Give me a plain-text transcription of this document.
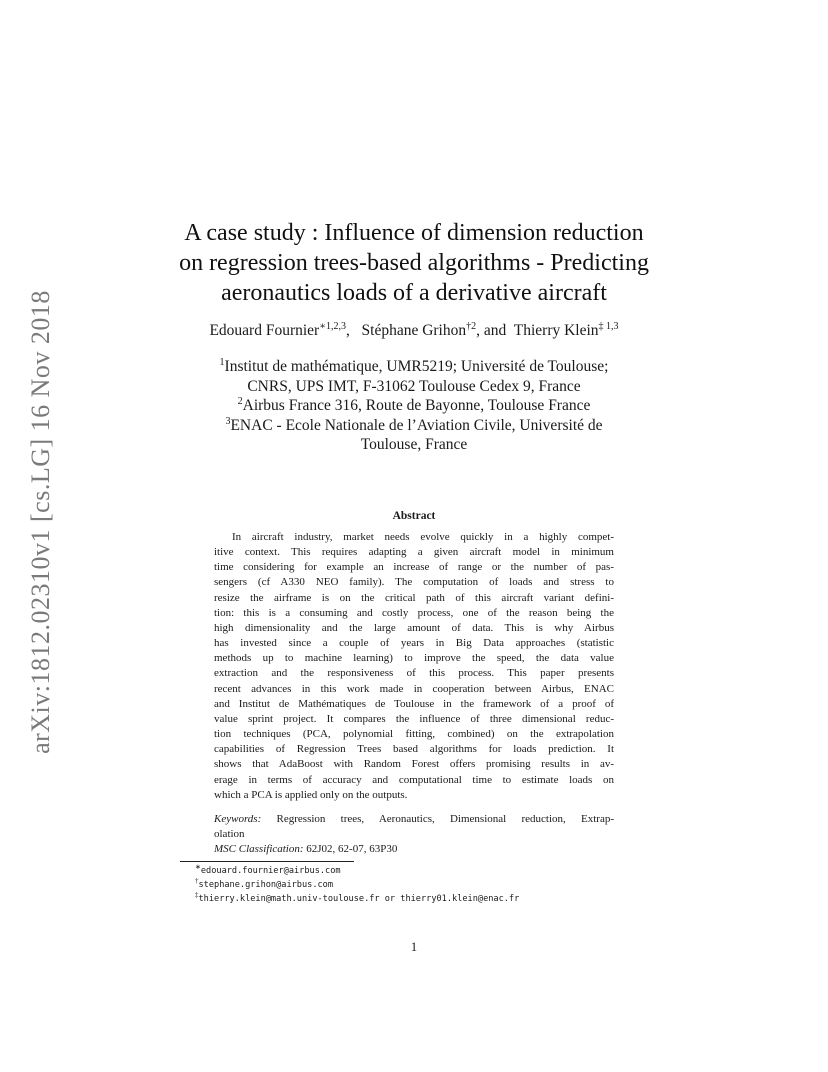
arXiv:1812.02310v1 [cs.LG] 16 Nov 2018
A case study : Influence of dimension reduction
on regression trees-based algorithms - Predicting
aeronautics loads of a derivative aircraft
Edouard Fournier$^{∗1,2,3}$,   Stéphane Grihon$^{\dagger 2}$, and  Thierry Klein$^{\ddagger 1,3}$
$^1$Institut de mathématique, UMR5219; Université de Toulouse;
CNRS, UPS IMT, F-31062 Toulouse Cedex 9, France
$^2$Airbus France 316, Route de Bayonne, Toulouse France
$^3$ENAC - Ecole Nationale de l’Aviation Civile, Université de
Toulouse, France
Abstract
In aircraft industry, market needs evolve quickly in a highly compet-
itive context. This requires adapting a given aircraft model in minimum
time considering for example an increase of range or the number of pas-
sengers (cf A330 NEO family). The computation of loads and stress to
resize the airframe is on the critical path of this aircraft variant defini-
tion: this is a consuming and costly process, one of the reason being the
high dimensionality and the large amount of data. This is why Airbus
has invested since a couple of years in Big Data approaches (statistic
methods up to machine learning) to improve the speed, the data value
extraction and the responsiveness of this process. This paper presents
recent advances in this work made in cooperation between Airbus, ENAC
and Institut de Mathématiques de Toulouse in the framework of a proof of
value sprint project. It compares the influence of three dimensional reduc-
tion techniques (PCA, polynomial fitting, combined) on the extrapolation
capabilities of Regression Trees based algorithms for loads prediction. It
shows that AdaBoost with Random Forest offers promising results in av-
erage in terms of accuracy and computational time to estimate loads on
which a PCA is applied only on the outputs.
Keywords: Regression trees, Aeronautics, Dimensional reduction, Extrap-
olation
MSC Classification: 62J02, 62-07, 63P30
∗edouard.fournier@airbus.com
†stephane.grihon@airbus.com
‡thierry.klein@math.univ-toulouse.fr or thierry01.klein@enac.fr
1
